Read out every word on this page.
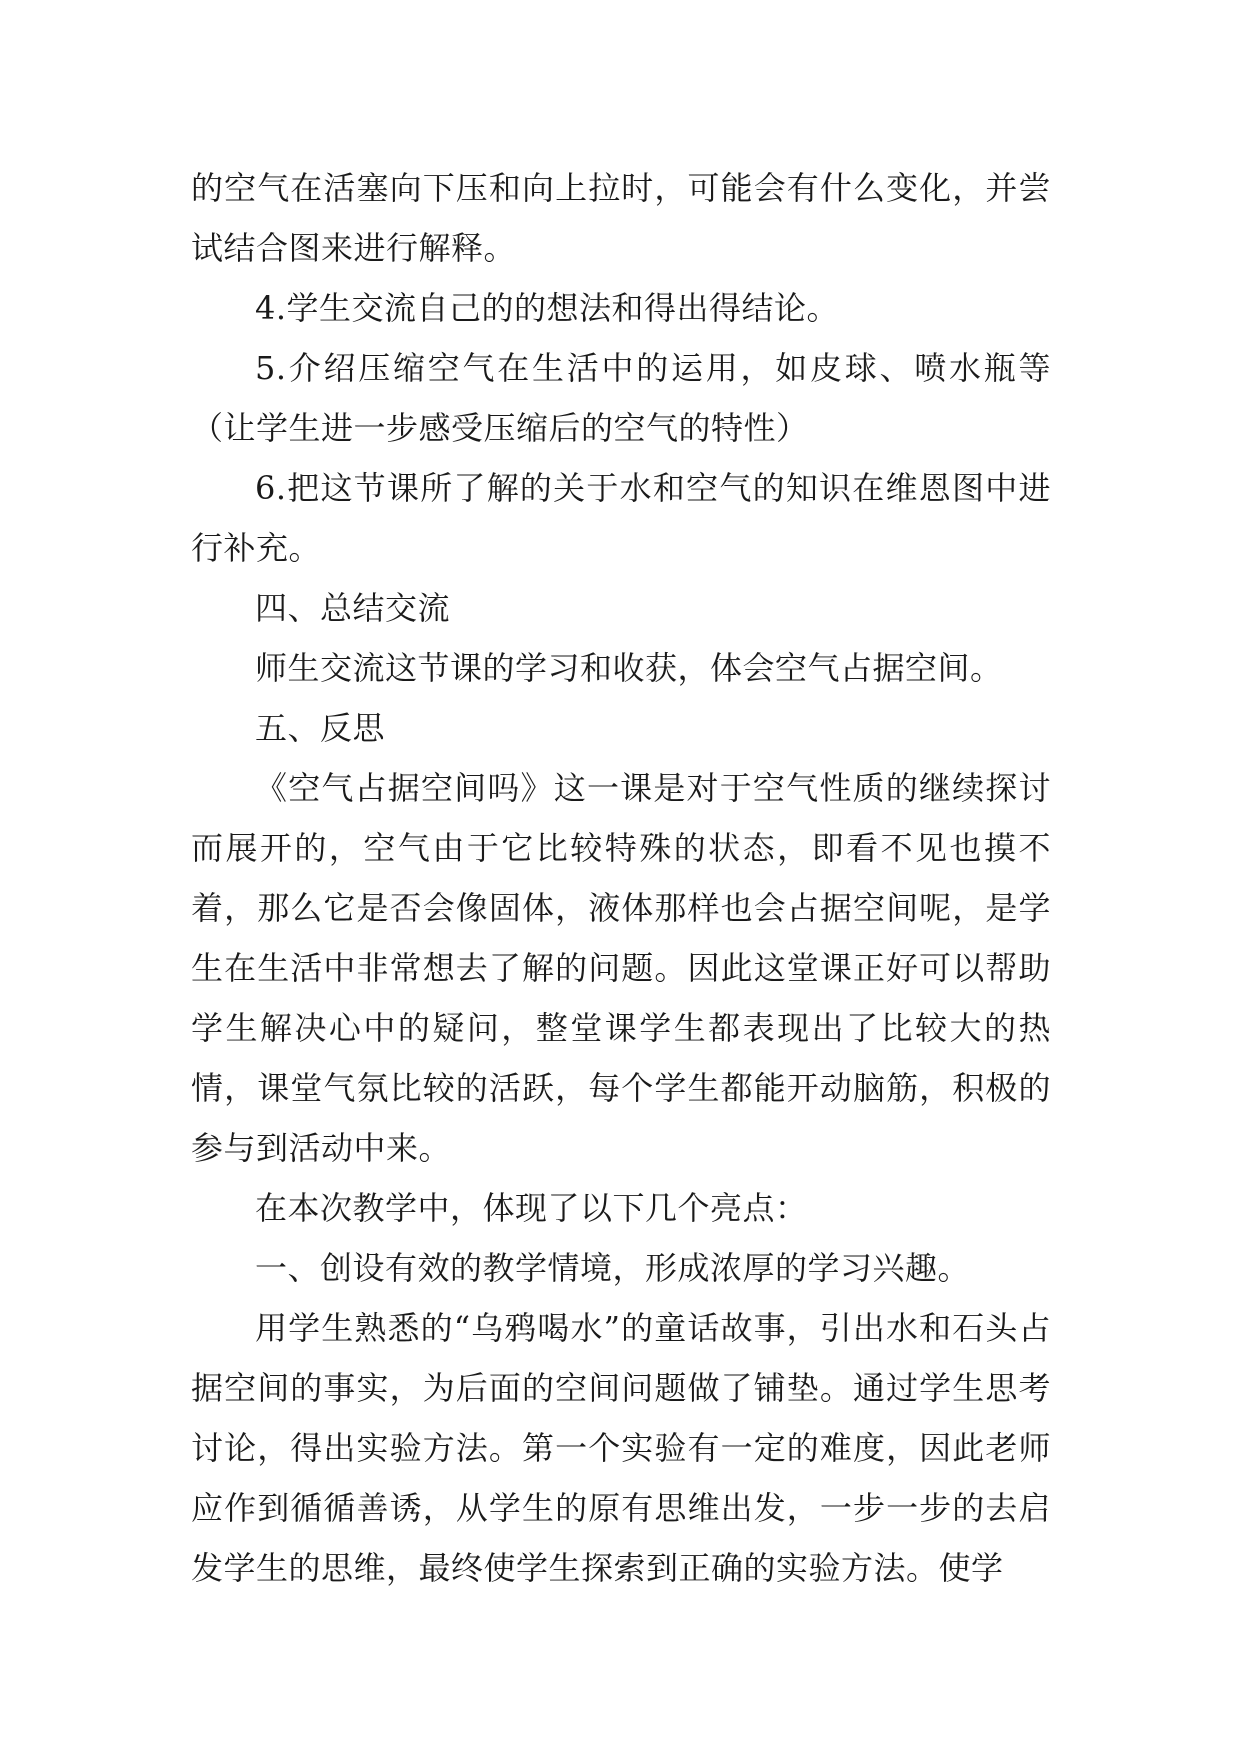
的空气在活塞向下压和向上拉时，可能会有什么变化，并尝试结合图来进行解释。

4.学生交流自己的的想法和得出得结论。

5.介绍压缩空气在生活中的运用，如皮球、喷水瓶等（让学生进一步感受压缩后的空气的特性）

6.把这节课所了解的关于水和空气的知识在维恩图中进行补充。

四、总结交流

师生交流这节课的学习和收获，体会空气占据空间。

五、反思

《空气占据空间吗》这一课是对于空气性质的继续探讨而展开的，空气由于它比较特殊的状态，即看不见也摸不着，那么它是否会像固体，液体那样也会占据空间呢，是学生在生活中非常想去了解的问题。因此这堂课正好可以帮助学生解决心中的疑问，整堂课学生都表现出了比较大的热情，课堂气氛比较的活跃，每个学生都能开动脑筋，积极的参与到活动中来。

在本次教学中，体现了以下几个亮点：

一、创设有效的教学情境，形成浓厚的学习兴趣。

用学生熟悉的“乌鸦喝水”的童话故事，引出水和石头占据空间的事实，为后面的空间问题做了铺垫。通过学生思考讨论，得出实验方法。第一个实验有一定的难度，因此老师应作到循循善诱，从学生的原有思维出发，一步一步的去启发学生的思维，最终使学生探索到正确的实验方法。使学
